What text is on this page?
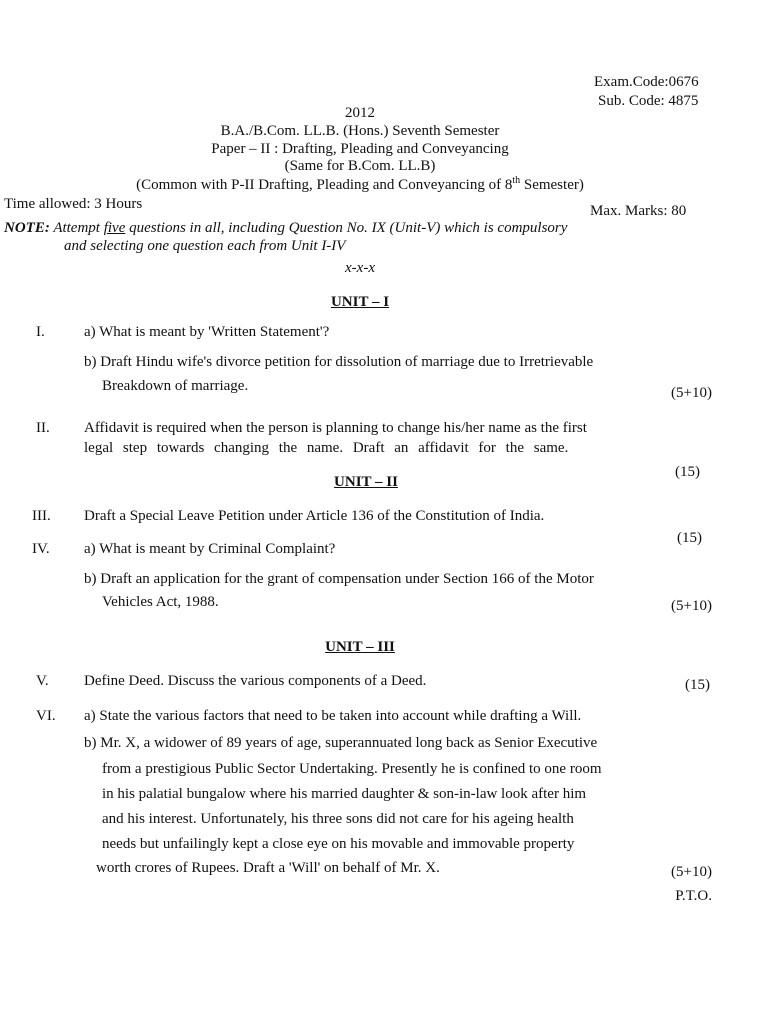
Exam.Code:0676
Sub. Code: 4875
2012
B.A./B.Com. LL.B. (Hons.) Seventh Semester
Paper – II : Drafting, Pleading and Conveyancing
(Same for B.Com. LL.B)
(Common with P-II Drafting, Pleading and Conveyancing of 8th Semester)
Time allowed: 3 Hours	Max. Marks: 80
NOTE: Attempt five questions in all, including Question No. IX (Unit-V) which is compulsory
and selecting one question each from Unit I-IV
x-x-x
UNIT – I
I.	a) What is meant by 'Written Statement'?
b) Draft Hindu wife's divorce petition for dissolution of marriage due to Irretrievable
Breakdown of marriage.	(5+10)
II. Affidavit is required when the person is planning to change his/her name as the first
legal step towards changing the name. Draft an affidavit for the same.
(15)
UNIT – II
III. Draft a Special Leave Petition under Article 136 of the Constitution of India.
(15)
IV. a) What is meant by Criminal Complaint?
b) Draft an application for the grant of compensation under Section 166 of the Motor
Vehicles Act, 1988.	(5+10)
UNIT – III
V. Define Deed. Discuss the various components of a Deed.	(15)
VI. a) State the various factors that need to be taken into account while drafting a Will.
b) Mr. X, a widower of 89 years of age, superannuated long back as Senior Executive
from a prestigious Public Sector Undertaking. Presently he is confined to one room
in his palatial bungalow where his married daughter & son-in-law look after him
and his interest. Unfortunately, his three sons did not care for his ageing health
needs but unfailingly kept a close eye on his movable and immovable property
worth crores of Rupees. Draft a 'Will' on behalf of Mr. X.	(5+10)
P.T.O.
